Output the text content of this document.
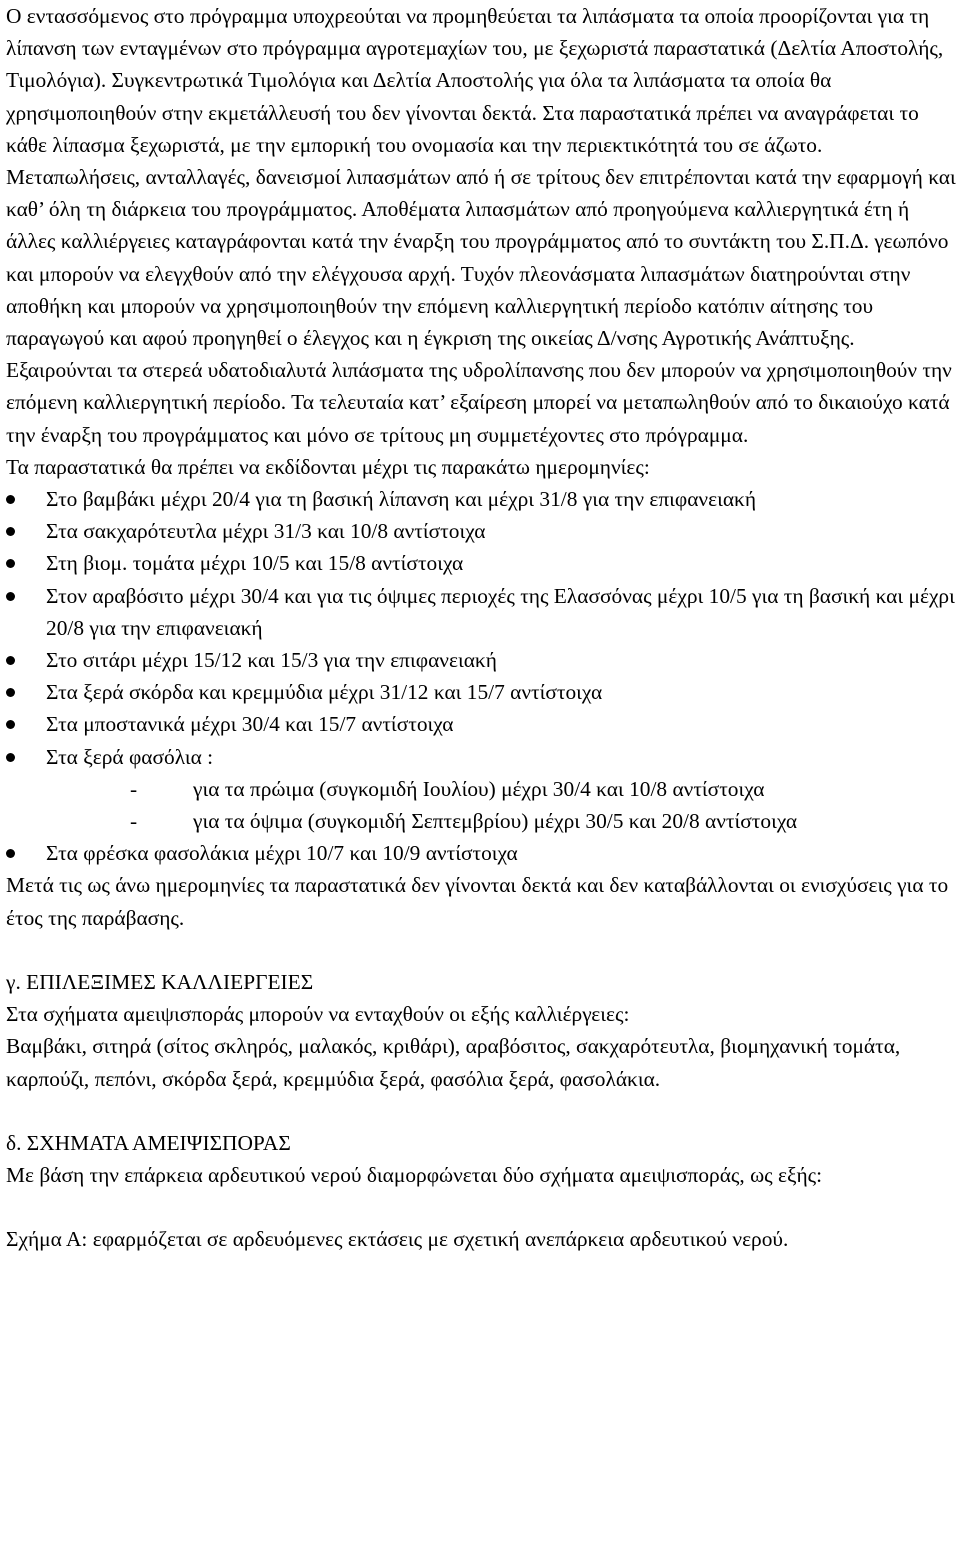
Ο εντασσόμενος στο πρόγραμμα υποχρεούται να προμηθεύεται τα λιπάσματα τα οποία προορίζονται για τη λίπανση των ενταγμένων στο πρόγραμμα αγροτεμαχίων του, με ξεχωριστά παραστατικά (Δελτία Αποστολής, Τιμολόγια). Συγκεντρωτικά Τιμολόγια και Δελτία Αποστολής για όλα τα λιπάσματα τα οποία θα χρησιμοποιηθούν στην εκμετάλλευσή του δεν γίνονται δεκτά. Στα παραστατικά πρέπει να αναγράφεται το κάθε λίπασμα ξεχωριστά, με την εμπορική του ονομασία και την περιεκτικότητά του σε άζωτο. Μεταπωλήσεις, ανταλλαγές, δανεισμοί λιπασμάτων από ή σε τρίτους δεν επιτρέπονται κατά την εφαρμογή και καθ’ όλη τη διάρκεια του προγράμματος. Αποθέματα λιπασμάτων από προηγούμενα καλλιεργητικά έτη ή άλλες καλλιέργειες καταγράφονται κατά την έναρξη του προγράμματος από το συντάκτη του Σ.Π.Δ. γεωπόνο και μπορούν να ελεγχθούν από την ελέγχουσα αρχή. Τυχόν πλεονάσματα λιπασμάτων διατηρούνται στην αποθήκη και μπορούν να χρησιμοποιηθούν την επόμενη καλλιεργητική περίοδο κατόπιν αίτησης του παραγωγού και αφού προηγηθεί ο έλεγχος και η έγκριση της οικείας Δ/νσης Αγροτικής Ανάπτυξης. Εξαιρούνται τα στερεά υδατοδιαλυτά λιπάσματα της υδρολίπανσης που δεν μπορούν να χρησιμοποιηθούν την επόμενη καλλιεργητική περίοδο. Τα τελευταία κατ’ εξαίρεση μπορεί να μεταπωληθούν από το δικαιούχο κατά την έναρξη του προγράμματος και μόνο σε τρίτους μη συμμετέχοντες στο πρόγραμμα.

Τα παραστατικά θα πρέπει να εκδίδονται μέχρι τις παρακάτω ημερομηνίες:

Στο βαμβάκι μέχρι 20/4 για τη βασική λίπανση και μέχρι 31/8 για την επιφανειακή
Στα σακχαρότευτλα μέχρι 31/3 και 10/8 αντίστοιχα
Στη βιομ. τομάτα μέχρι 10/5 και 15/8 αντίστοιχα
Στον αραβόσιτο μέχρι 30/4 και για τις όψιμες περιοχές της Ελασσόνας μέχρι 10/5 για τη βασική και μέχρι 20/8 για την επιφανειακή
Στο σιτάρι μέχρι 15/12 και 15/3 για την επιφανειακή
Στα ξερά σκόρδα και κρεμμύδια μέχρι 31/12 και 15/7 αντίστοιχα
Στα μποστανικά μέχρι 30/4 και 15/7 αντίστοιχα
Στα ξερά φασόλια :
-	για τα πρώιμα (συγκομιδή Ιουλίου) μέχρι 30/4 και 10/8 αντίστοιχα
-	για τα όψιμα (συγκομιδή Σεπτεμβρίου) μέχρι 30/5 και 20/8 αντίστοιχα
Στα φρέσκα φασολάκια μέχρι 10/7 και 10/9 αντίστοιχα

Μετά τις ως άνω ημερομηνίες τα παραστατικά δεν γίνονται δεκτά και δεν καταβάλλονται οι ενισχύσεις για το έτος της παράβασης.

γ. ΕΠΙΛΕΞΙΜΕΣ ΚΑΛΛΙΕΡΓΕΙΕΣ

Στα σχήματα αμειψισποράς μπορούν να ενταχθούν οι εξής καλλιέργειες:

Βαμβάκι, σιτηρά (σίτος σκληρός, μαλακός, κριθάρι), αραβόσιτος, σακχαρότευτλα, βιομηχανική τομάτα, καρπούζι, πεπόνι, σκόρδα ξερά, κρεμμύδια ξερά, φασόλια ξερά, φασολάκια.

δ. ΣΧΗΜΑΤΑ ΑΜΕΙΨΙΣΠΟΡΑΣ

Με βάση την επάρκεια αρδευτικού νερού διαμορφώνεται δύο σχήματα αμειψισποράς, ως εξής:

Σχήμα Α: εφαρμόζεται σε αρδευόμενες εκτάσεις με σχετική ανεπάρκεια αρδευτικού νερού.
